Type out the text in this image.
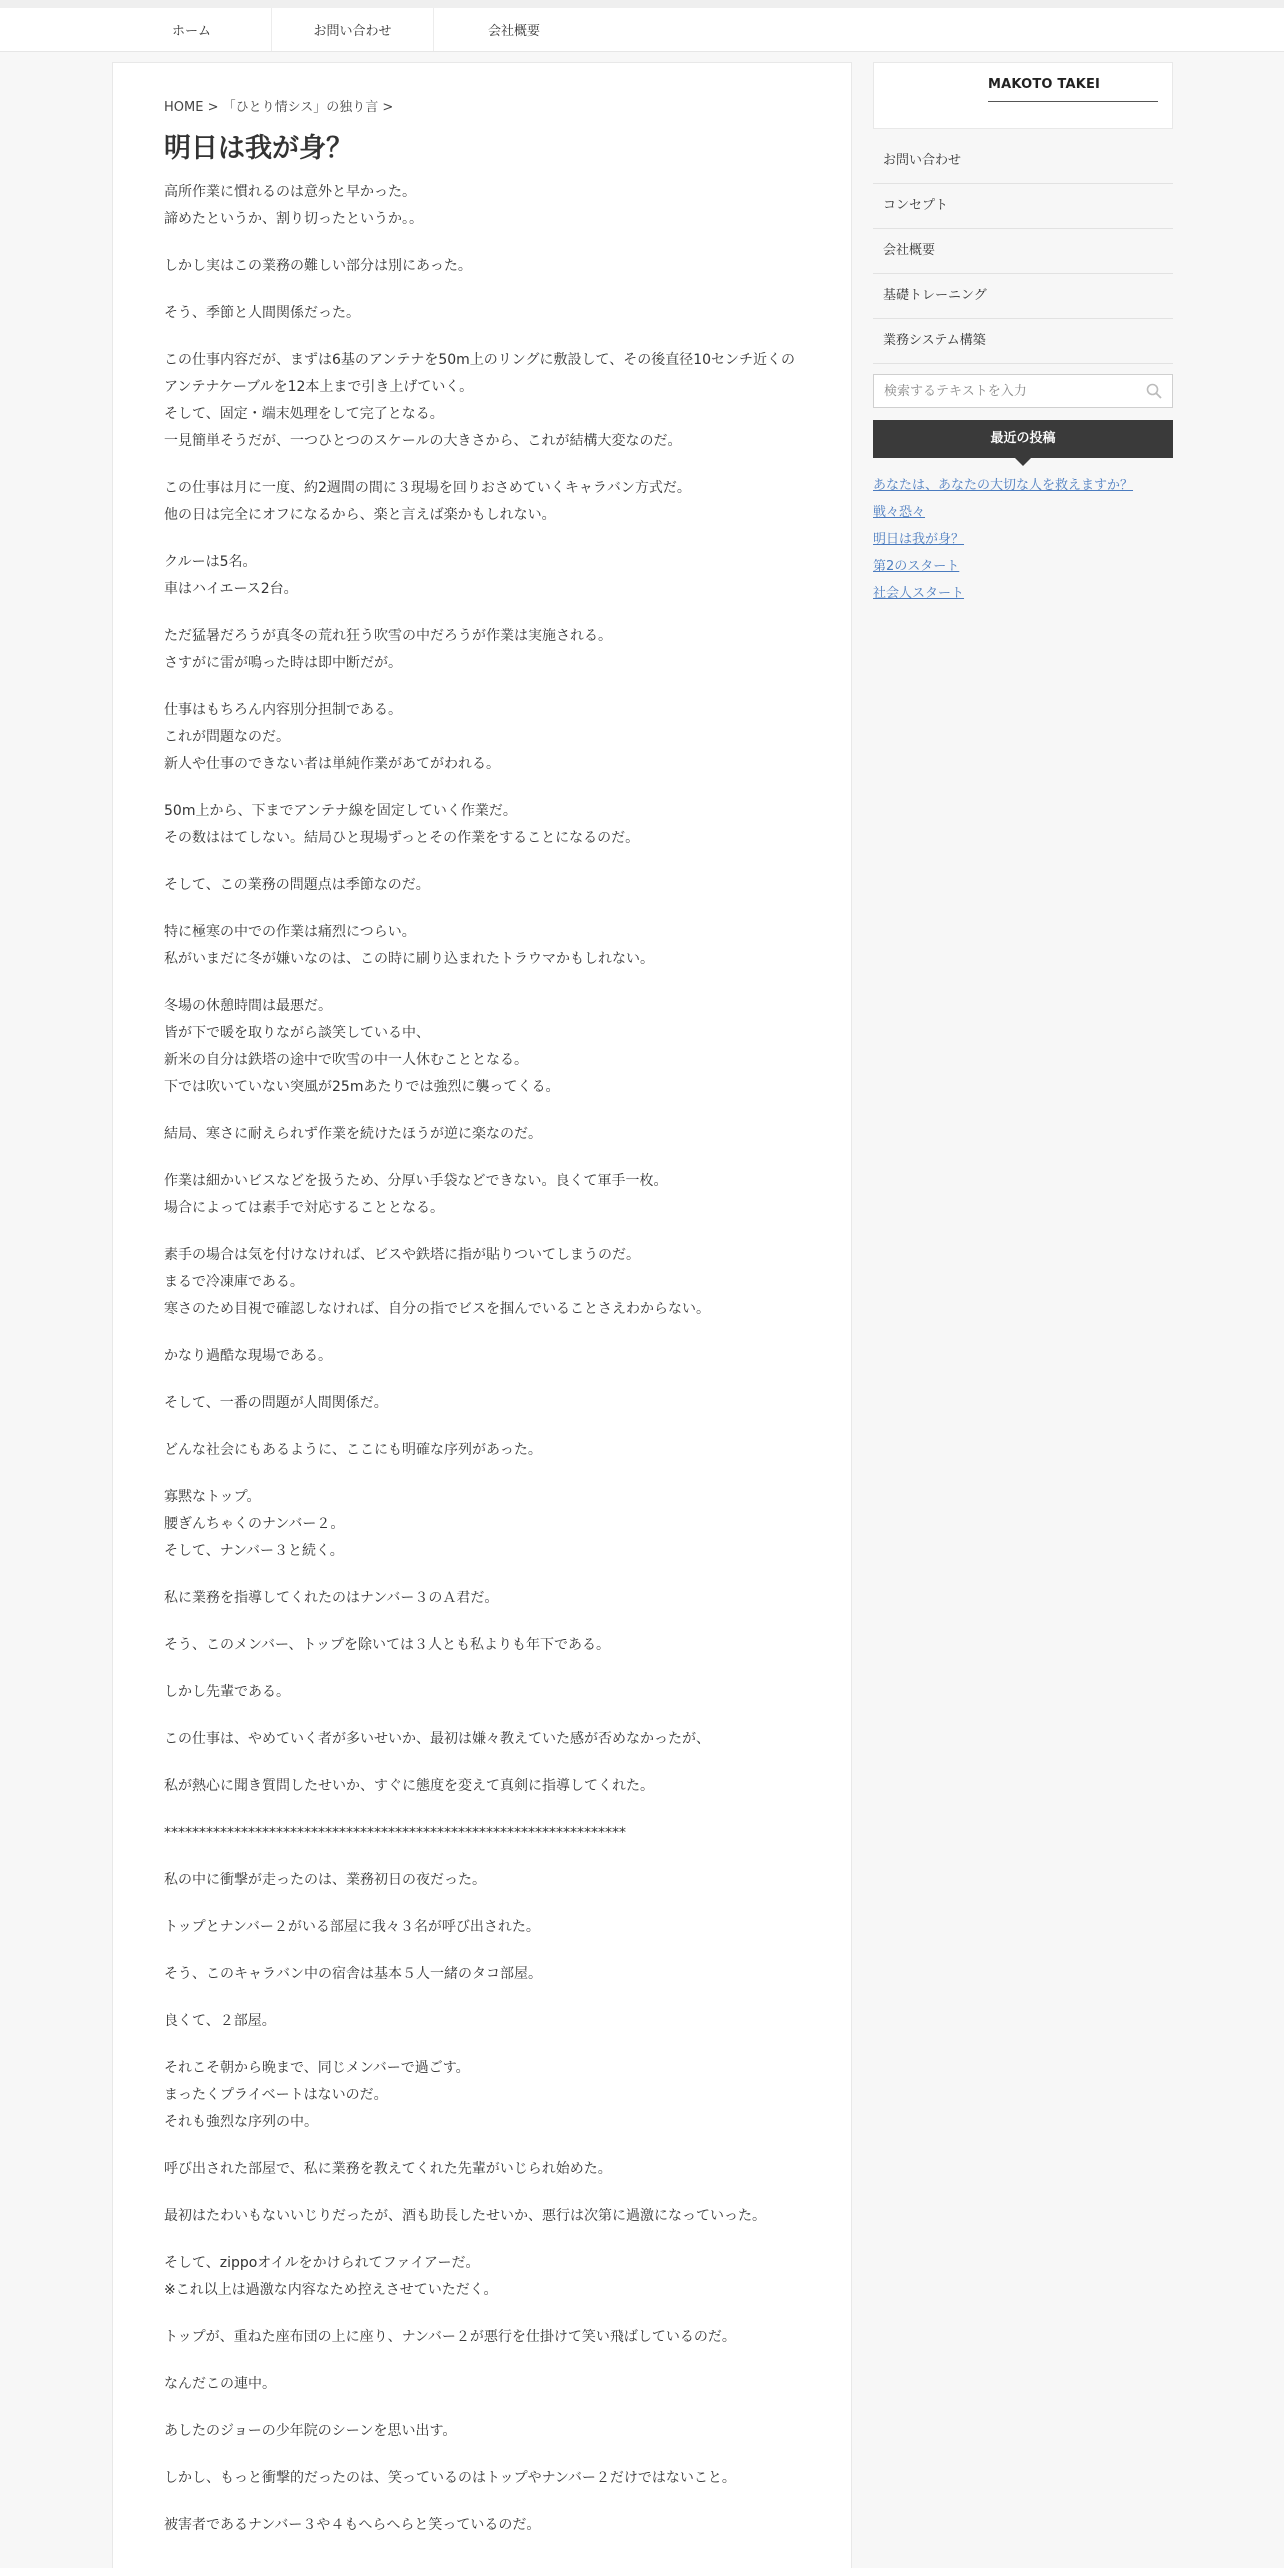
ホーム	お問い合わせ	会社概要
HOME > 「ひとり情シス」の独り言 >
明日は我が身？

高所作業に慣れるのは意外と早かった。
諦めたというか、割り切ったというか。。

しかし実はこの業務の難しい部分は別にあった。

そう、季節と人間関係だった。

この仕事内容だが、まずは6基のアンテナを50m上のリングに敷設して、その後直径10センチ近くのアンテナケーブルを12本上まで引き上げていく。
そして、固定・端末処理をして完了となる。
一見簡単そうだが、一つひとつのスケールの大きさから、これが結構大変なのだ。

この仕事は月に一度、約2週間の間に３現場を回りおさめていくキャラバン方式だ。
他の日は完全にオフになるから、楽と言えば楽かもしれない。

クルーは5名。
車はハイエース2台。

ただ猛暑だろうが真冬の荒れ狂う吹雪の中だろうが作業は実施される。
さすがに雷が鳴った時は即中断だが。

仕事はもちろん内容別分担制である。
これが問題なのだ。
新人や仕事のできない者は単純作業があてがわれる。

50m上から、下までアンテナ線を固定していく作業だ。
その数ははてしない。結局ひと現場ずっとその作業をすることになるのだ。

そして、この業務の問題点は季節なのだ。

特に極寒の中での作業は痛烈につらい。
私がいまだに冬が嫌いなのは、この時に刷り込まれたトラウマかもしれない。

冬場の休憩時間は最悪だ。
皆が下で暖を取りながら談笑している中、
新米の自分は鉄塔の途中で吹雪の中一人休むこととなる。
下では吹いていない突風が25mあたりでは強烈に襲ってくる。

結局、寒さに耐えられず作業を続けたほうが逆に楽なのだ。

作業は細かいビスなどを扱うため、分厚い手袋などできない。良くて軍手一枚。
場合によっては素手で対応することとなる。

素手の場合は気を付けなければ、ビスや鉄塔に指が貼りついてしまうのだ。
まるで冷凍庫である。
寒さのため目視で確認しなければ、自分の指でビスを掴んでいることさえわからない。

かなり過酷な現場である。

そして、一番の問題が人間関係だ。

どんな社会にもあるように、ここにも明確な序列があった。

寡黙なトップ。
腰ぎんちゃくのナンバー２。
そして、ナンバー３と続く。

私に業務を指導してくれたのはナンバー３のＡ君だ。

そう、このメンバー、トップを除いては３人とも私よりも年下である。

しかし先輩である。

この仕事は、やめていく者が多いせいか、最初は嫌々教えていた感が否めなかったが、

私が熱心に聞き質問したせいか、すぐに態度を変えて真剣に指導してくれた。

******************************************************************

私の中に衝撃が走ったのは、業務初日の夜だった。

トップとナンバー２がいる部屋に我々３名が呼び出された。

そう、このキャラバン中の宿舎は基本５人一緒のタコ部屋。

良くて、２部屋。

それこそ朝から晩まで、同じメンバーで過ごす。
まったくプライベートはないのだ。
それも強烈な序列の中。

呼び出された部屋で、私に業務を教えてくれた先輩がいじられ始めた。

最初はたわいもないいじりだったが、酒も助長したせいか、悪行は次第に過激になっていった。

そして、zippoオイルをかけられてファイアーだ。
※これ以上は過激な内容なため控えさせていただく。

トップが、重ねた座布団の上に座り、ナンバー２が悪行を仕掛けて笑い飛ばしているのだ。

なんだこの連中。

あしたのジョーの少年院のシーンを思い出す。

しかし、もっと衝撃的だったのは、笑っているのはトップやナンバー２だけではないこと。

被害者であるナンバー３や４もへらへらと笑っているのだ。

MAKOTO TAKEI
お問い合わせ
コンセプト
会社概要
基礎トレーニング
業務システム構築
検索するテキストを入力
最近の投稿
あなたは、あなたの大切な人を救えますか？
戦々恐々
明日は我が身？
第2のスタート
社会人スタート
